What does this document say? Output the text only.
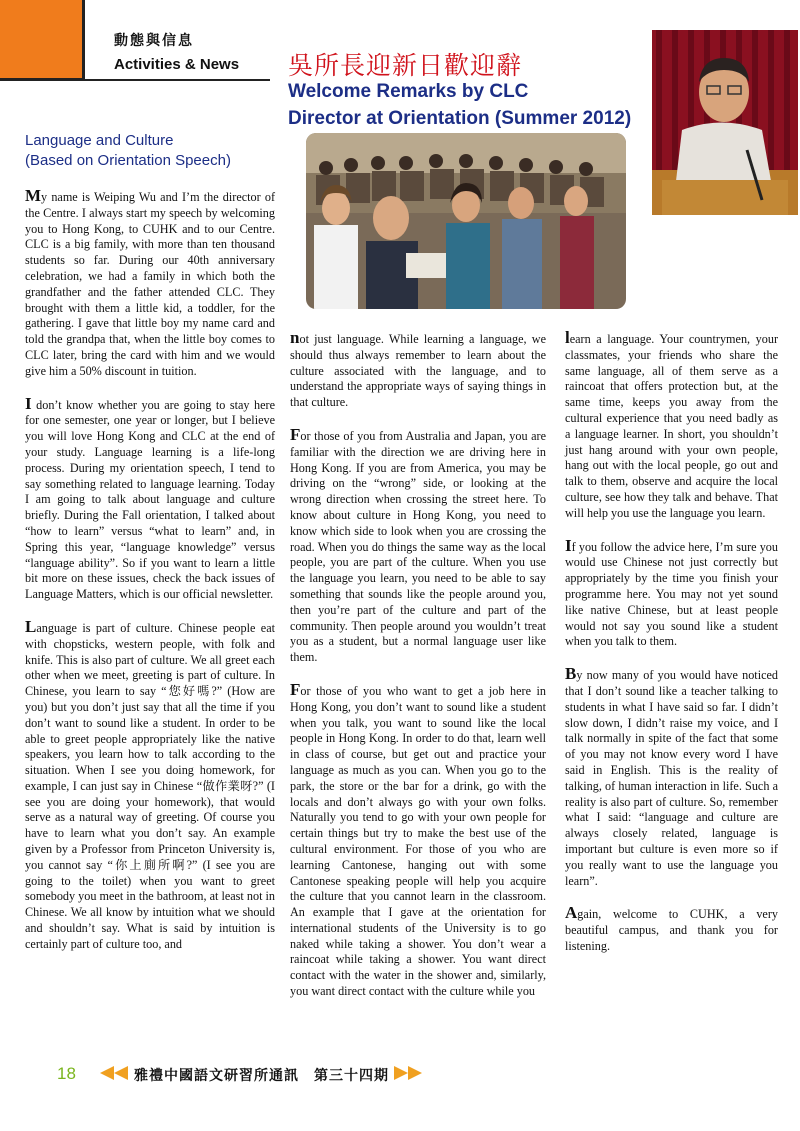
動態與信息
Activities & News 吳所長迎新日歡迎辭
Welcome Remarks by CLC
Director at Orientation (Summer 2012)
Language and Culture
(Based on Orientation Speech)

My name is Weiping Wu and I’m the director of the Centre. I always start my speech by welcoming you to Hong Kong, to CUHK and to our Centre. CLC is a big family, with more than ten thousand students so far. During our 40th anniversary celebration, we had a family in which both the grandfather and the father attended CLC. They brought with them a little kid, a toddler, for the gathering. I gave that little boy my name card and told the grandpa that, when the little boy comes to CLC later, bring the card with him and we would give him a 50% discount in tuition.

I don’t know whether you are going to stay here for one semester, one year or longer, but I believe you will love Hong Kong and CLC at the end of your study. Language learning is a life-long process. During my orientation speech, I tend to say something related to language learning. Today I am going to talk about language and culture briefly. During the Fall orientation, I talked about “how to learn” versus “what to learn” and, in Spring this year, “language knowledge” versus “language ability”. So if you want to learn a little bit more on these issues, check the back issues of Language Matters, which is our official newsletter.

Language is part of culture. Chinese people eat with chopsticks, western people, with folk and knife. This is also part of culture. We all greet each other when we meet, greeting is part of culture. In Chinese, you learn to say “您好嗎?” (How are you) but you don’t just say that all the time if you don’t want to sound like a student. In order to be able to greet people appropriately like the native speakers, you learn how to talk according to the situation. When I see you doing homework, for example, I can just say in Chinese “做作業呀?” (I see you are doing your homework), that would serve as a natural way of greeting. Of course you have to learn what you don’t say. An example given by a Professor from Princeton University is, you cannot say “你上廁所啊?” (I see you are going to the toilet) when you want to greet somebody you meet in the bathroom, at least not in Chinese. We all know by intuition what we should and shouldn’t say. What is said by intuition is certainly part of culture too, and

not just language. While learning a language, we should thus always remember to learn about the culture associated with the language, and to understand the appropriate ways of saying things in that culture.

For those of you from Australia and Japan, you are familiar with the direction we are driving here in Hong Kong. If you are from America, you may be driving on the “wrong” side, or looking at the wrong direction when crossing the street here. To know about culture in Hong Kong, you need to know which side to look when you are crossing the road. When you do things the same way as the local people, you are part of the culture. When you use the language you learn, you need to be able to say something that sounds like the people around you, then you’re part of the culture and part of the community. Then people around you wouldn’t treat you as a student, but a normal language user like them.

For those of you who want to get a job here in Hong Kong, you don’t want to sound like a student when you talk, you want to sound like the local people in Hong Kong. In order to do that, learn well in class of course, but get out and practice your language as much as you can. When you go to the park, the store or the bar for a drink, go with the locals and don’t always go with your own folks. Naturally you tend to go with your own people for certain things but try to make the best use of the cultural environment. For those of you who are learning Cantonese, hanging out with some Cantonese speaking people will help you acquire the culture that you cannot learn in the classroom. An example that I gave at the orientation for international students of the University is to go naked while taking a shower. You don’t wear a raincoat while taking a shower. You want direct contact with the water in the shower and, similarly, you want direct contact with the culture while you

learn a language. Your countrymen, your classmates, your friends who share the same language, all of them serve as a raincoat that offers protection but, at the same time, keeps you away from the cultural experience that you need badly as a language learner. In short, you shouldn’t just hang around with your own people, hang out with the local people, go out and talk to them, observe and acquire the local culture, see how they talk and behave. That will help you use the language you learn.

If you follow the advice here, I’m sure you would use Chinese not just correctly but appropriately by the time you finish your programme here. You may not yet sound like native Chinese, but at least people would not say you sound like a student when you talk to them.

By now many of you would have noticed that I don’t sound like a teacher talking to students in what I have said so far. I didn’t slow down, I didn’t raise my voice, and I talk normally in spite of the fact that some of you may not know every word I have said in English. This is the reality of talking, of human interaction in life. Such a reality is also part of culture. So, remember what I said: “language and culture are always closely related, language is important but culture is even more so if you really want to use the language you learn”.

Again, welcome to CUHK, a very beautiful campus, and thank you for listening.

18	雅禮中國語文研習所通訊　第三十四期
